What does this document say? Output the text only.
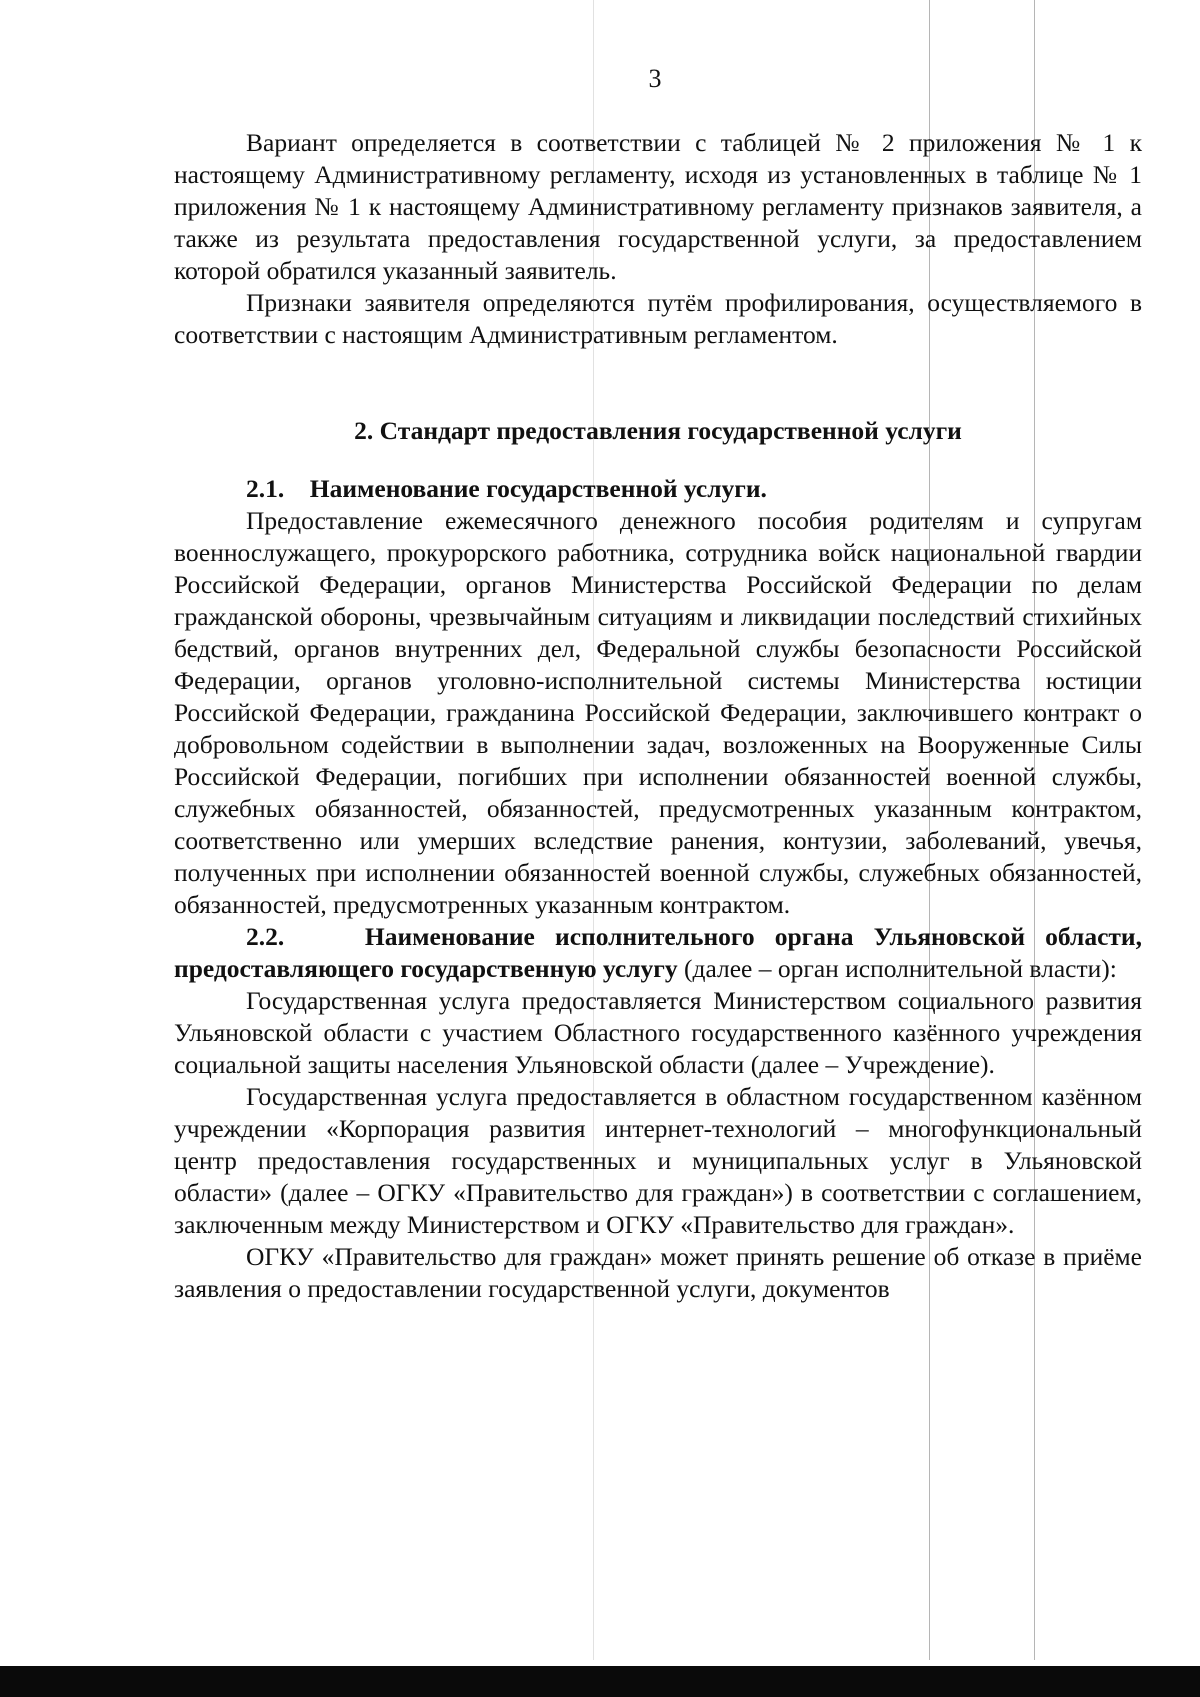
3

Вариант определяется в соответствии с таблицей № 2 приложения № 1 к настоящему Административному регламенту, исходя из установленных в таблице № 1 приложения № 1 к настоящему Административному регламенту признаков заявителя, а также из результата предоставления государственной услуги, за предоставлением которой обратился указанный заявитель.

Признаки заявителя определяются путём профилирования, осуществляемого в соответствии с настоящим Административным регламентом.

2. Стандарт предоставления государственной услуги

2.1. Наименование государственной услуги.

Предоставление ежемесячного денежного пособия родителям и супругам военнослужащего, прокурорского работника, сотрудника войск национальной гвардии Российской Федерации, органов Министерства Российской Федерации по делам гражданской обороны, чрезвычайным ситуациям и ликвидации последствий стихийных бедствий, органов внутренних дел, Федеральной службы безопасности Российской Федерации, органов уголовно-исполнительной системы Министерства юстиции Российской Федерации, гражданина Российской Федерации, заключившего контракт о добровольном содействии в выполнении задач, возложенных на Вооруженные Силы Российской Федерации, погибших при исполнении обязанностей военной службы, служебных обязанностей, обязанностей, предусмотренных указанным контрактом, соответственно или умерших вследствие ранения, контузии, заболеваний, увечья, полученных при исполнении обязанностей военной службы, служебных обязанностей, обязанностей, предусмотренных указанным контрактом.

2.2.	Наименование исполнительного органа Ульяновской области, предоставляющего государственную услугу (далее – орган исполнительной власти):

Государственная услуга предоставляется Министерством социального развития Ульяновской области с участием Областного государственного казённого учреждения социальной защиты населения Ульяновской области (далее – Учреждение).

Государственная услуга предоставляется в областном государственном казённом учреждении «Корпорация развития интернет-технологий – многофункциональный центр предоставления государственных и муниципальных услуг в Ульяновской области» (далее – ОГКУ «Правительство для граждан») в соответствии с соглашением, заключенным между Министерством и ОГКУ «Правительство для граждан».

ОГКУ «Правительство для граждан» может принять решение об отказе в приёме заявления о предоставлении государственной услуги, документов
